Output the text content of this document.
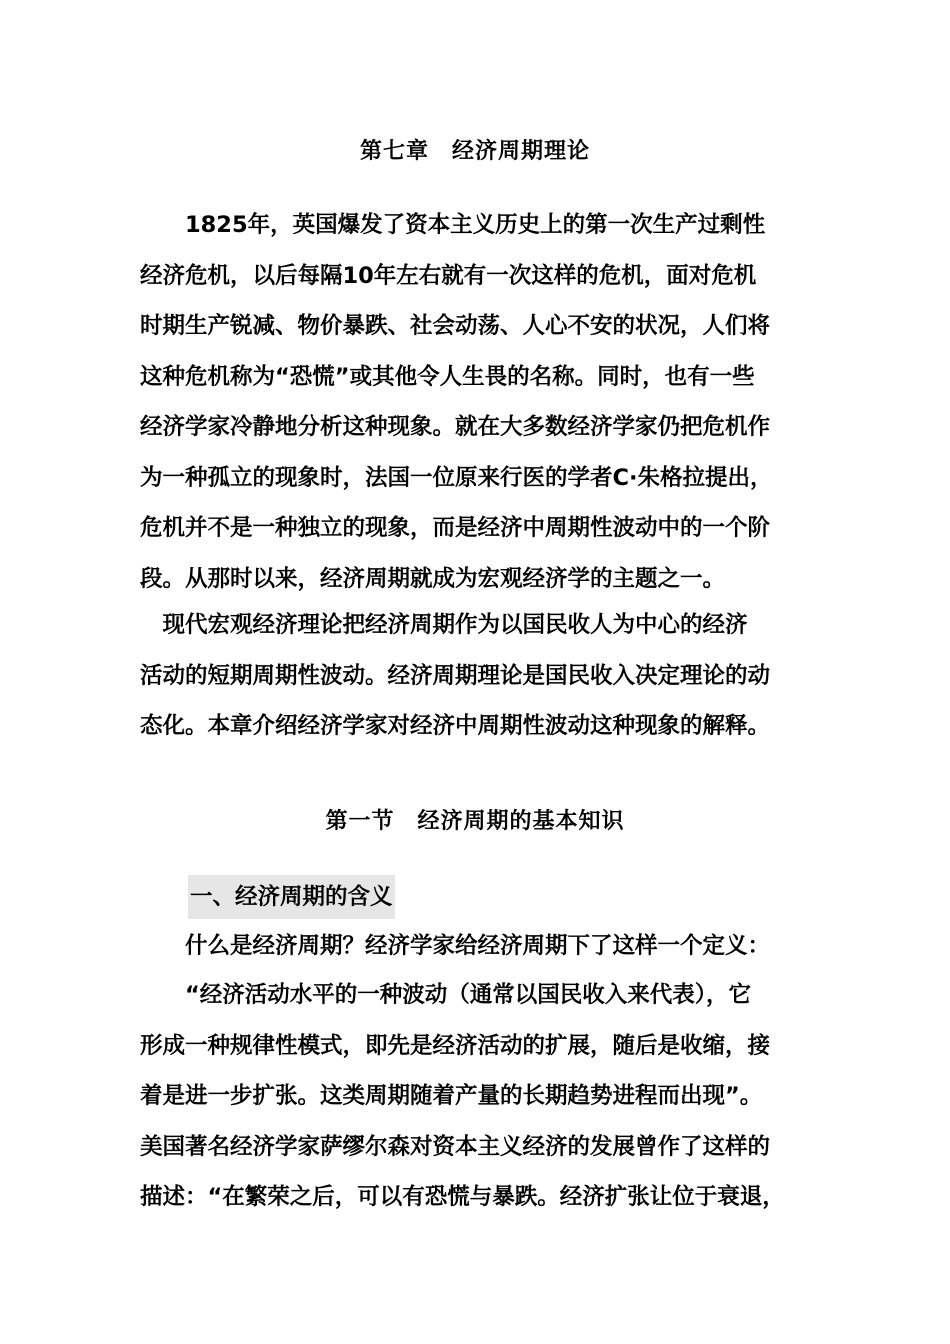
第七章　经济周期理论
　　1825年，英国爆发了资本主义历史上的第一次生产过剩性
经济危机，以后每隔10年左右就有一次这样的危机，面对危机
时期生产锐减、物价暴跌、社会动荡、人心不安的状况，人们将
这种危机称为“恐慌”或其他令人生畏的名称。同时，也有一些
经济学家冷静地分析这种现象。就在大多数经济学家仍把危机作
为一种孤立的现象时，法国一位原来行医的学者C·朱格拉提出，
危机并不是一种独立的现象，而是经济中周期性波动中的一个阶
段。从那时以来，经济周期就成为宏观经济学的主题之一。
　现代宏观经济理论把经济周期作为以国民收人为中心的经济
活动的短期周期性波动。经济周期理论是国民收入决定理论的动
态化。本章介绍经济学家对经济中周期性波动这种现象的解释。
第一节　经济周期的基本知识
一、经济周期的含义
　　什么是经济周期？经济学家给经济周期下了这样一个定义：
　　“经济活动水平的一种波动（通常以国民收入来代表），它
形成一种规律性模式，即先是经济活动的扩展，随后是收缩，接
着是进一步扩张。这类周期随着产量的长期趋势进程而出现”。
美国著名经济学家萨缪尔森对资本主义经济的发展曾作了这样的
描述：“在繁荣之后，可以有恐慌与暴跌。经济扩张让位于衰退，
